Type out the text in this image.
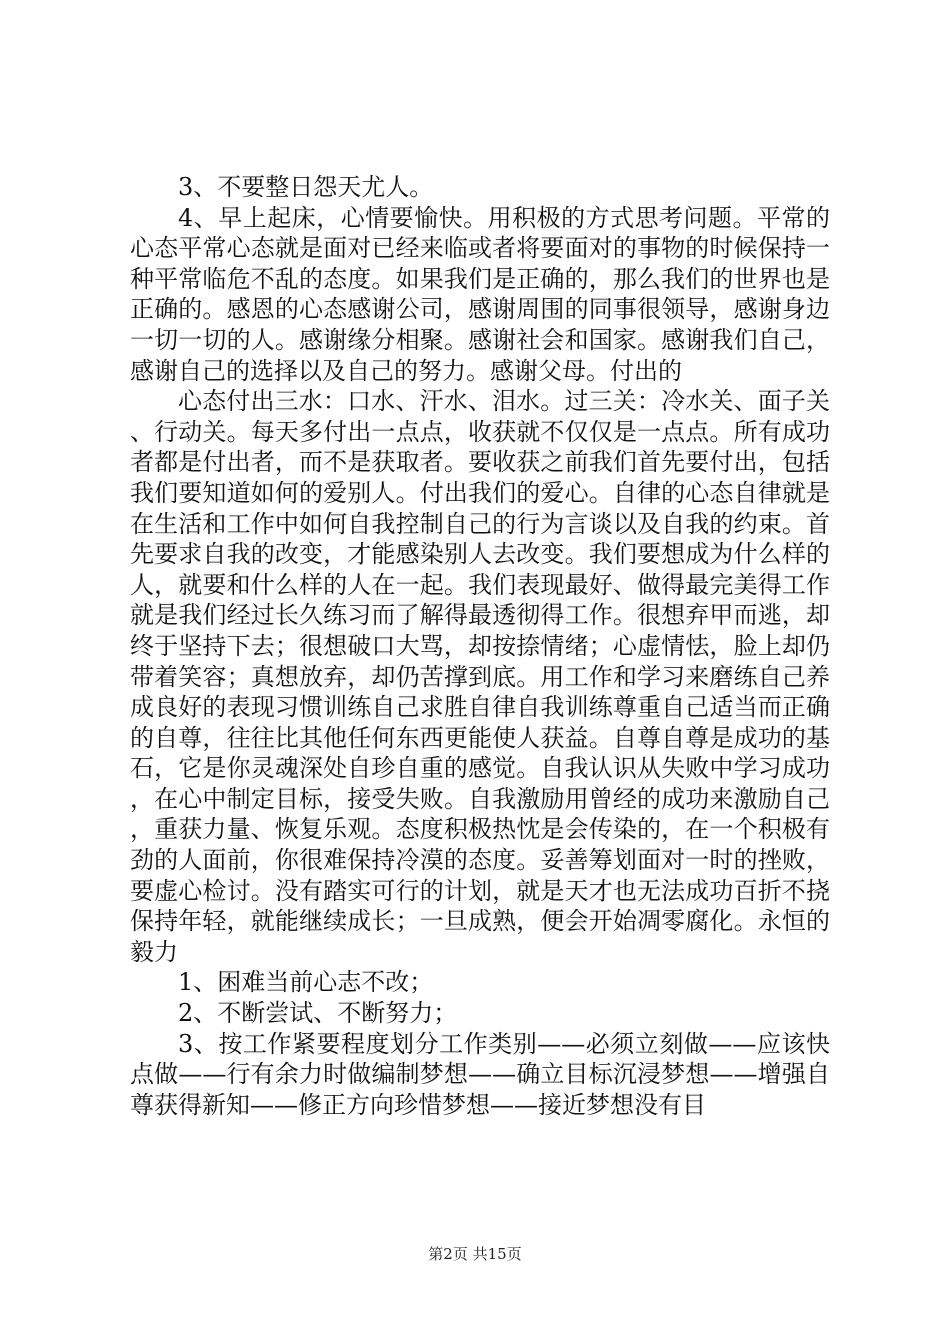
3、不要整日怨天尤人。

4、早上起床，心情要愉快。用积极的方式思考问题。平常的心态平常心态就是面对已经来临或者将要面对的事物的时候保持一种平常临危不乱的态度。如果我们是正确的，那么我们的世界也是正确的。感恩的心态感谢公司，感谢周围的同事很领导，感谢身边一切一切的人。感谢缘分相聚。感谢社会和国家。感谢我们自己，感谢自己的选择以及自己的努力。感谢父母。付出的

心态付出三水：口水、汗水、泪水。过三关：冷水关、面子关、行动关。每天多付出一点点，收获就不仅仅是一点点。所有成功者都是付出者，而不是获取者。要收获之前我们首先要付出，包括我们要知道如何的爱别人。付出我们的爱心。自律的心态自律就是在生活和工作中如何自我控制自己的行为言谈以及自我的约束。首先要求自我的改变，才能感染别人去改变。我们要想成为什么样的人，就要和什么样的人在一起。我们表现最好、做得最完美得工作就是我们经过长久练习而了解得最透彻得工作。很想弃甲而逃，却终于坚持下去；很想破口大骂，却按捺情绪；心虚情怯，脸上却仍带着笑容；真想放弃，却仍苦撑到底。用工作和学习来磨练自己养成良好的表现习惯训练自己求胜自律自我训练尊重自己适当而正确的自尊，往往比其他任何东西更能使人获益。自尊自尊是成功的基石，它是你灵魂深处自珍自重的感觉。自我认识从失败中学习成功，在心中制定目标，接受失败。自我激励用曾经的成功来激励自己，重获力量、恢复乐观。态度积极热忱是会传染的，在一个积极有劲的人面前，你很难保持冷漠的态度。妥善筹划面对一时的挫败，要虚心检讨。没有踏实可行的计划，就是天才也无法成功百折不挠保持年轻，就能继续成长；一旦成熟，便会开始凋零腐化。永恒的毅力

1、困难当前心志不改；

2、不断尝试、不断努力；

3、按工作紧要程度划分工作类别——必须立刻做——应该快点做——行有余力时做编制梦想——确立目标沉浸梦想——增强自尊获得新知——修正方向珍惜梦想——接近梦想没有目

第2页 共15页
